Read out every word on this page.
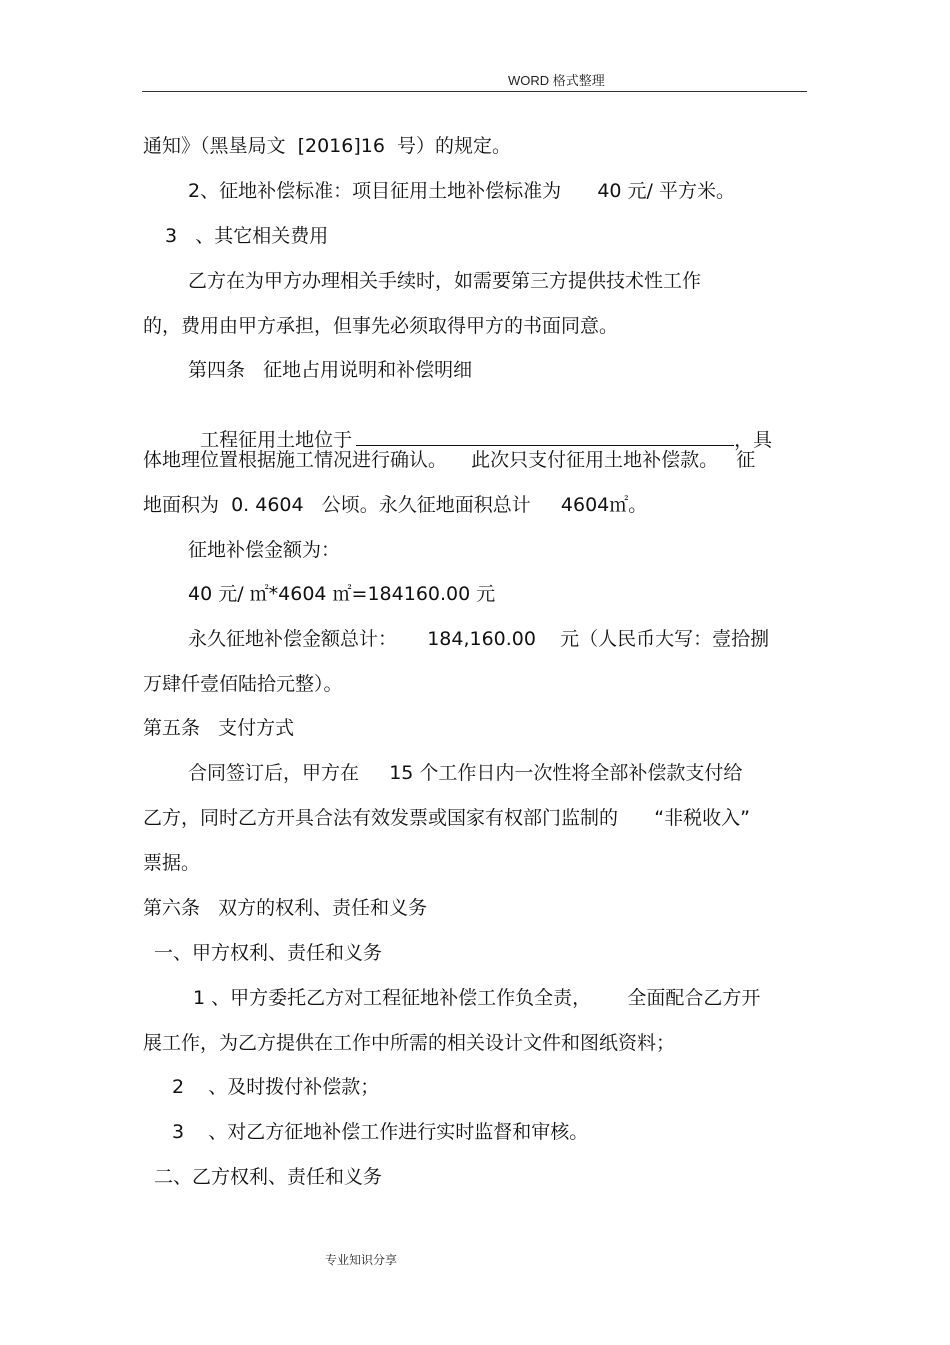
WORD 格式整理
通知》（黑垦局文  [2016]16  号）的规定。
2、征地补偿标准：项目征用土地补偿标准为      40 元/ 平方米。
3   、其它相关费用
乙方在为甲方办理相关手续时，如需要第三方提供技术性工作
的，费用由甲方承担，但事先必须取得甲方的书面同意。
第四条   征地占用说明和补偿明细

工程征用土地位于	，具

体地理位置根据施工情况进行确认。    此次只支付征用土地补偿款。   征
地面积为  0. 4604   公顷。永久征地面积总计     4604㎡。
征地补偿金额为：
40 元/ ㎡*4604 ㎡=184160.00 元
永久征地补偿金额总计：     184,160.00    元（人民币大写：壹拾捌
万肆仟壹佰陆拾元整）。
第五条   支付方式
合同签订后，甲方在     15 个工作日内一次性将全部补偿款支付给
乙方，同时乙方开具合法有效发票或国家有权部门监制的      “非税收入”
票据。
第六条   双方的权利、责任和义务
一、甲方权利、责任和义务
1 、甲方委托乙方对工程征地补偿工作负全责，      全面配合乙方开
展工作，为乙方提供在工作中所需的相关设计文件和图纸资料；
2    、及时拨付补偿款；
3    、对乙方征地补偿工作进行实时监督和审核。
二、乙方权利、责任和义务
专业知识分享
